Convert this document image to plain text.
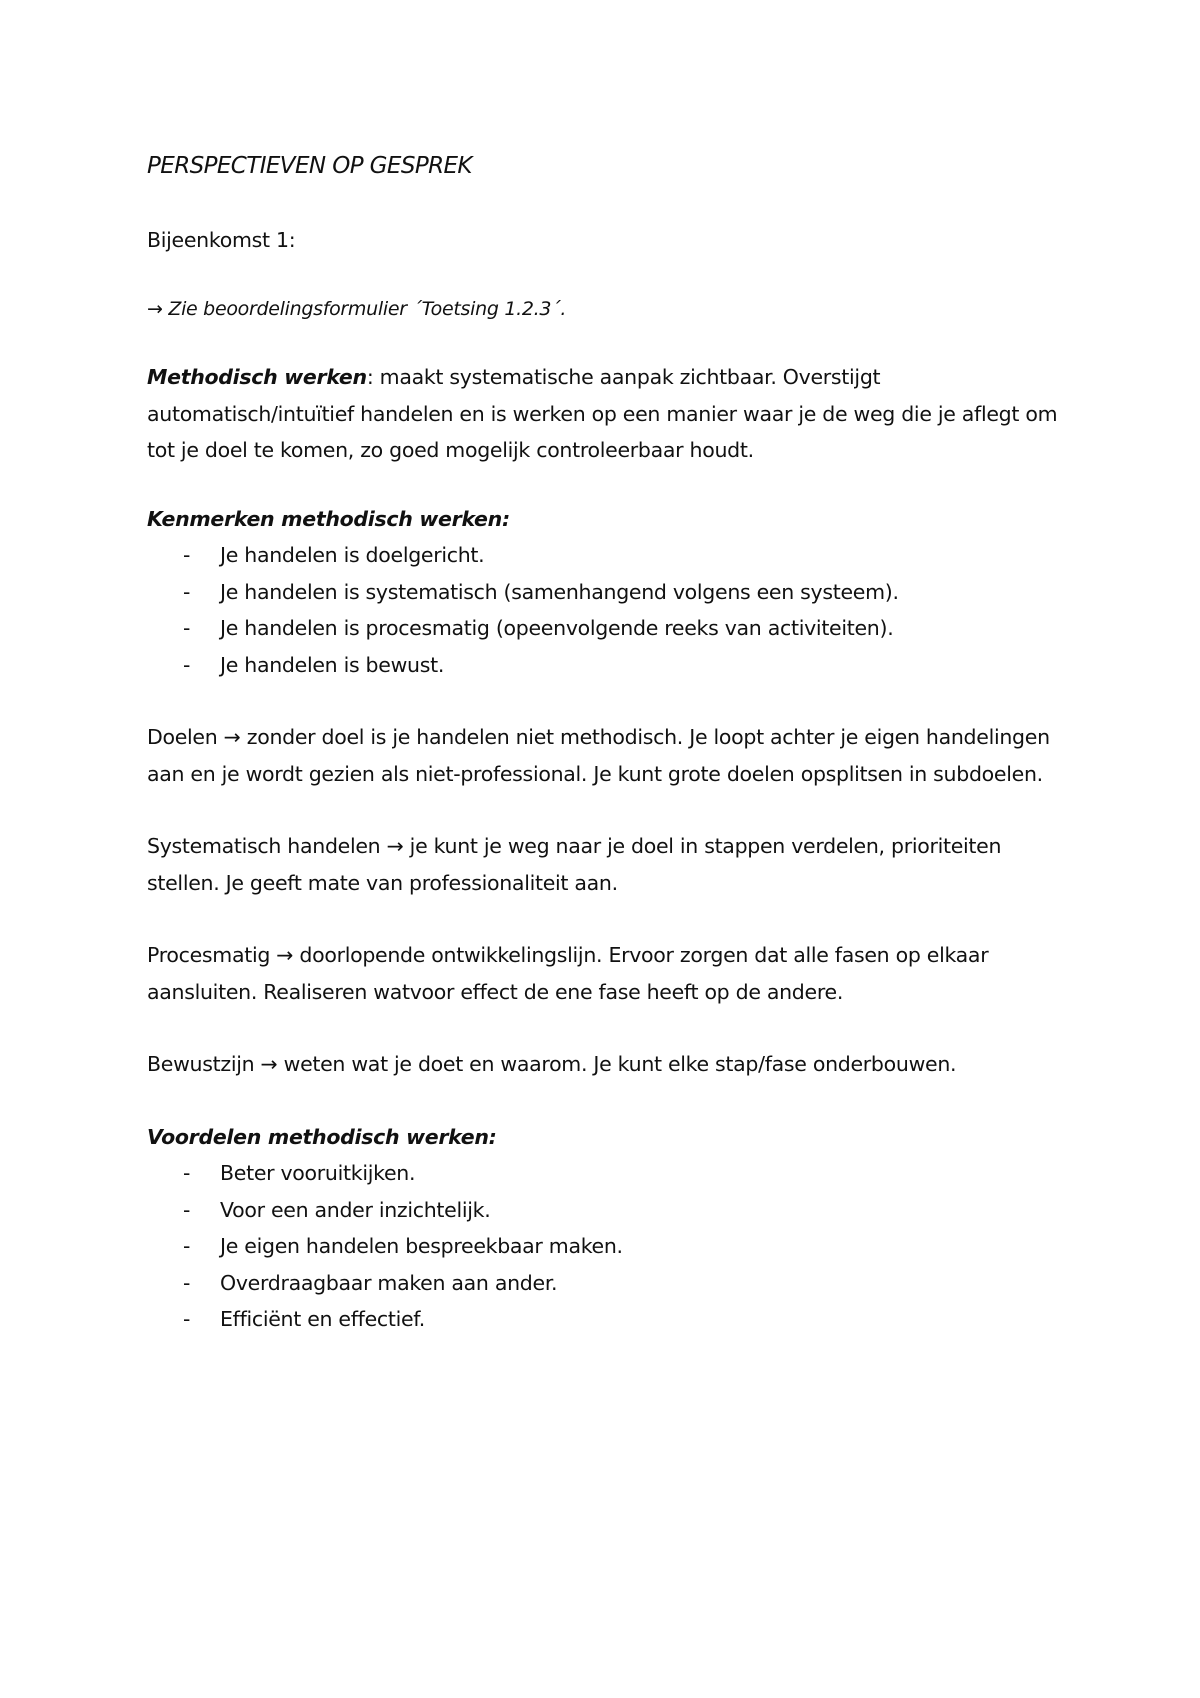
PERSPECTIEVEN OP GESPREK

Bijeenkomst 1:

→ Zie beoordelingsformulier ´Toetsing 1.2.3´.

Methodisch werken: maakt systematische aanpak zichtbaar. Overstijgt automatisch/intuïtief handelen en is werken op een manier waar je de weg die je aflegt om tot je doel te komen, zo goed mogelijk controleerbaar houdt.

Kenmerken methodisch werken:

- Je handelen is doelgericht.
- Je handelen is systematisch (samenhangend volgens een systeem).
- Je handelen is procesmatig (opeenvolgende reeks van activiteiten).
- Je handelen is bewust.

Doelen → zonder doel is je handelen niet methodisch. Je loopt achter je eigen handelingen aan en je wordt gezien als niet-professional. Je kunt grote doelen opsplitsen in subdoelen.

Systematisch handelen → je kunt je weg naar je doel in stappen verdelen, prioriteiten stellen. Je geeft mate van professionaliteit aan.

Procesmatig → doorlopende ontwikkelingslijn. Ervoor zorgen dat alle fasen op elkaar aansluiten. Realiseren watvoor effect de ene fase heeft op de andere.

Bewustzijn → weten wat je doet en waarom. Je kunt elke stap/fase onderbouwen.

Voordelen methodisch werken:

- Beter vooruitkijken.
- Voor een ander inzichtelijk.
- Je eigen handelen bespreekbaar maken.
- Overdraagbaar maken aan ander.
- Efficiënt en effectief.
